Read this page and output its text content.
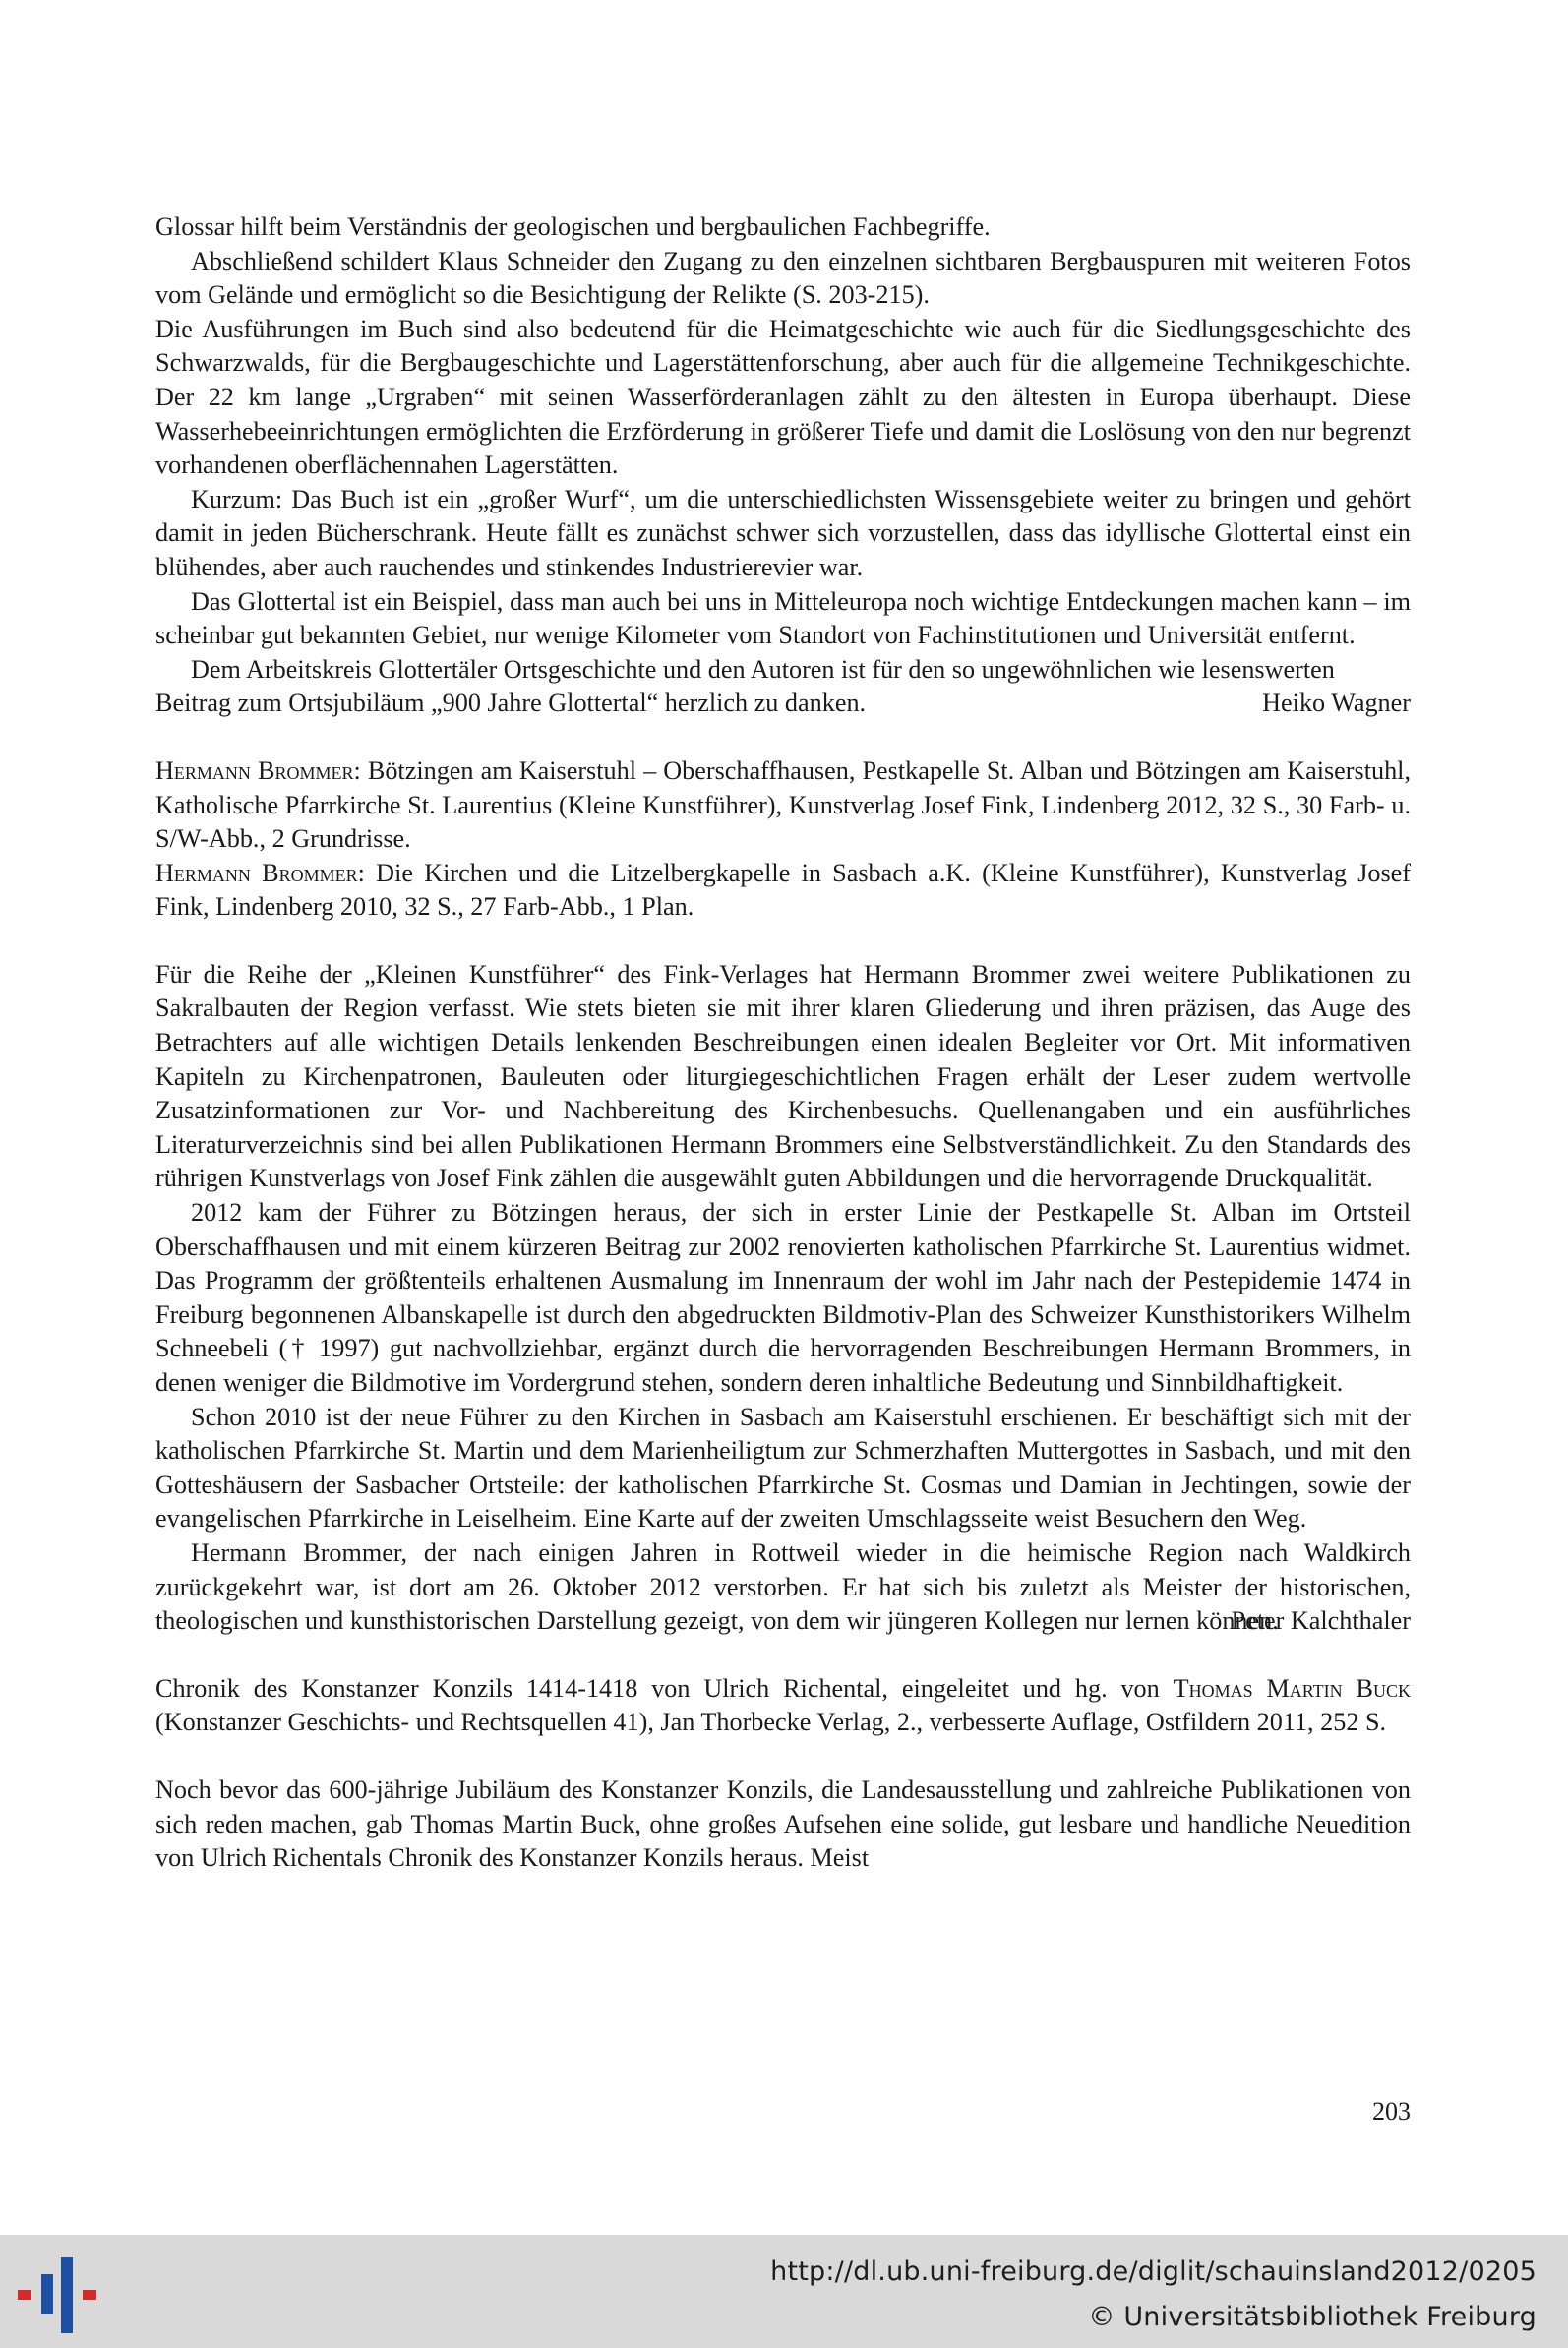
Glossar hilft beim Verständnis der geologischen und bergbaulichen Fachbegriffe.

Abschließend schildert Klaus Schneider den Zugang zu den einzelnen sichtbaren Bergbauspuren mit weiteren Fotos vom Gelände und ermöglicht so die Besichtigung der Relikte (S. 203-215).

Die Ausführungen im Buch sind also bedeutend für die Heimatgeschichte wie auch für die Siedlungsgeschichte des Schwarzwalds, für die Bergbaugeschichte und Lagerstättenforschung, aber auch für die allgemeine Technikgeschichte. Der 22 km lange „Urgraben“ mit seinen Wasserförderanlagen zählt zu den ältesten in Europa überhaupt. Diese Wasserhebeeinrichtungen ermöglichten die Erzförderung in größerer Tiefe und damit die Loslösung von den nur begrenzt vorhandenen oberflächennahen Lagerstätten.

Kurzum: Das Buch ist ein „großer Wurf“, um die unterschiedlichsten Wissensgebiete weiter zu bringen und gehört damit in jeden Bücherschrank. Heute fällt es zunächst schwer sich vorzustellen, dass das idyllische Glottertal einst ein blühendes, aber auch rauchendes und stinkendes Industrierevier war.

Das Glottertal ist ein Beispiel, dass man auch bei uns in Mitteleuropa noch wichtige Entdeckungen machen kann – im scheinbar gut bekannten Gebiet, nur wenige Kilometer vom Standort von Fachinstitutionen und Universität entfernt.

Dem Arbeitskreis Glottertäler Ortsgeschichte und den Autoren ist für den so ungewöhnlichen wie lesenswerten Beitrag zum Ortsjubiläum „900 Jahre Glottertal“ herzlich zu danken.	Heiko Wagner

Hermann Brommer: Bötzingen am Kaiserstuhl – Oberschaffhausen, Pestkapelle St. Alban und Bötzingen am Kaiserstuhl, Katholische Pfarrkirche St. Laurentius (Kleine Kunstführer), Kunstverlag Josef Fink, Lindenberg 2012, 32 S., 30 Farb- u. S/W-Abb., 2 Grundrisse.

Hermann Brommer: Die Kirchen und die Litzelbergkapelle in Sasbach a.K. (Kleine Kunstführer), Kunstverlag Josef Fink, Lindenberg 2010, 32 S., 27 Farb-Abb., 1 Plan.

Für die Reihe der „Kleinen Kunstführer“ des Fink-Verlages hat Hermann Brommer zwei weitere Publikationen zu Sakralbauten der Region verfasst. Wie stets bieten sie mit ihrer klaren Gliederung und ihren präzisen, das Auge des Betrachters auf alle wichtigen Details lenkenden Beschreibungen einen idealen Begleiter vor Ort. Mit informativen Kapiteln zu Kirchenpatronen, Bauleuten oder liturgiegeschichtlichen Fragen erhält der Leser zudem wertvolle Zusatzinformationen zur Vor- und Nachbereitung des Kirchenbesuchs. Quellenangaben und ein ausführliches Literaturverzeichnis sind bei allen Publikationen Hermann Brommers eine Selbstverständlichkeit. Zu den Standards des rührigen Kunstverlags von Josef Fink zählen die ausgewählt guten Abbildungen und die hervorragende Druckqualität.

2012 kam der Führer zu Bötzingen heraus, der sich in erster Linie der Pestkapelle St. Alban im Ortsteil Oberschaffhausen und mit einem kürzeren Beitrag zur 2002 renovierten katholischen Pfarrkirche St. Laurentius widmet. Das Programm der größtenteils erhaltenen Ausmalung im Innenraum der wohl im Jahr nach der Pestepidemie 1474 in Freiburg begonnenen Albanskapelle ist durch den abgedruckten Bildmotiv-Plan des Schweizer Kunsthistorikers Wilhelm Schneebeli († 1997) gut nachvollziehbar, ergänzt durch die hervorragenden Beschreibungen Hermann Brommers, in denen weniger die Bildmotive im Vordergrund stehen, sondern deren inhaltliche Bedeutung und Sinnbildhaftigkeit.

Schon 2010 ist der neue Führer zu den Kirchen in Sasbach am Kaiserstuhl erschienen. Er beschäftigt sich mit der katholischen Pfarrkirche St. Martin und dem Marienheiligtum zur Schmerzhaften Muttergottes in Sasbach, und mit den Gotteshäusern der Sasbacher Ortsteile: der katholischen Pfarrkirche St. Cosmas und Damian in Jechtingen, sowie der evangelischen Pfarrkirche in Leiselheim. Eine Karte auf der zweiten Umschlagsseite weist Besuchern den Weg.

Hermann Brommer, der nach einigen Jahren in Rottweil wieder in die heimische Region nach Waldkirch zurückgekehrt war, ist dort am 26. Oktober 2012 verstorben. Er hat sich bis zuletzt als Meister der historischen, theologischen und kunsthistorischen Darstellung gezeigt, von dem wir jüngeren Kollegen nur lernen können.

Peter Kalchthaler

Chronik des Konstanzer Konzils 1414-1418 von Ulrich Richental, eingeleitet und hg. von Thomas Martin Buck (Konstanzer Geschichts- und Rechtsquellen 41), Jan Thorbecke Verlag, 2., verbesserte Auflage, Ostfildern 2011, 252 S.

Noch bevor das 600-jährige Jubiläum des Konstanzer Konzils, die Landesausstellung und zahlreiche Publikationen von sich reden machen, gab Thomas Martin Buck, ohne großes Aufsehen eine solide, gut lesbare und handliche Neuedition von Ulrich Richentals Chronik des Konstanzer Konzils heraus. Meist

203
http://dl.ub.uni-freiburg.de/diglit/schauinsland2012/0205
© Universitätsbibliothek Freiburg
